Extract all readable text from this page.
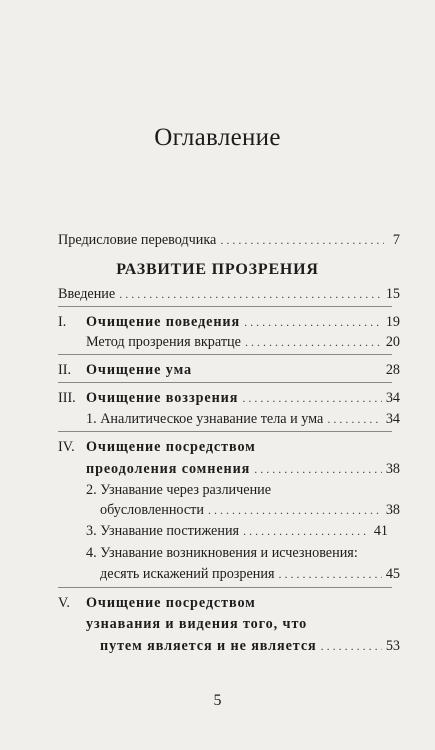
Оглавление
Предисловие переводчика . . .	7
РАЗВИТИЕ ПРОЗРЕНИЯ
Введение . . .	15
I. Очищение поведения . . .	19
Метод прозрения вкратце . . .	20
II. Очищение ума	28
III. Очищение воззрения . . .	34
1. Аналитическое узнавание тела и ума . . .	34
IV. Очищение посредством
преодоления сомнения . . .	38
2. Узнавание через различение
обусловленности . . .	38
3. Узнавание постижения . . .	41
4. Узнавание возникновения и исчезновения:
десять искажений прозрения . . .	45
V. Очищение посредством
узнавания и видения того, что
путем является и не является . . .	53
5
